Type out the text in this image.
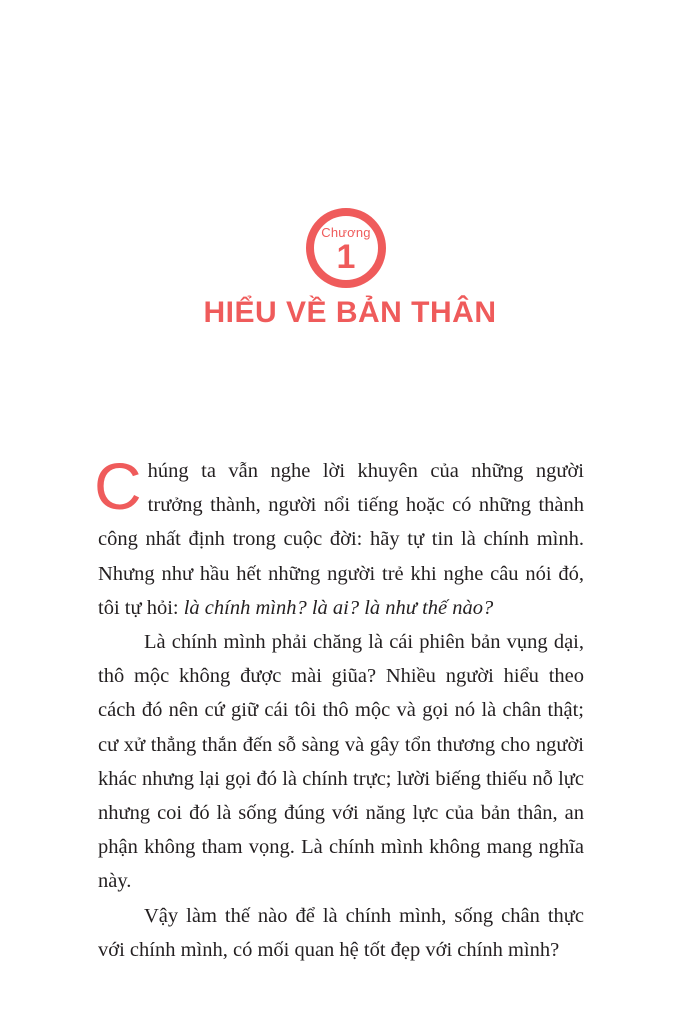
Chương
1
HIỂU VỀ BẢN THÂN

Chúng ta vẫn nghe lời khuyên của những người trưởng thành, người nổi tiếng hoặc có những thành công nhất định trong cuộc đời: hãy tự tin là chính mình. Nhưng như hầu hết những người trẻ khi nghe câu nói đó, tôi tự hỏi: là chính mình? là ai? là như thế nào?

Là chính mình phải chăng là cái phiên bản vụng dại, thô mộc không được mài giũa? Nhiều người hiểu theo cách đó nên cứ giữ cái tôi thô mộc và gọi nó là chân thật; cư xử thẳng thắn đến sỗ sàng và gây tổn thương cho người khác nhưng lại gọi đó là chính trực; lười biếng thiếu nỗ lực nhưng coi đó là sống đúng với năng lực của bản thân, an phận không tham vọng. Là chính mình không mang nghĩa này.

Vậy làm thế nào để là chính mình, sống chân thực với chính mình, có mối quan hệ tốt đẹp với chính mình?
